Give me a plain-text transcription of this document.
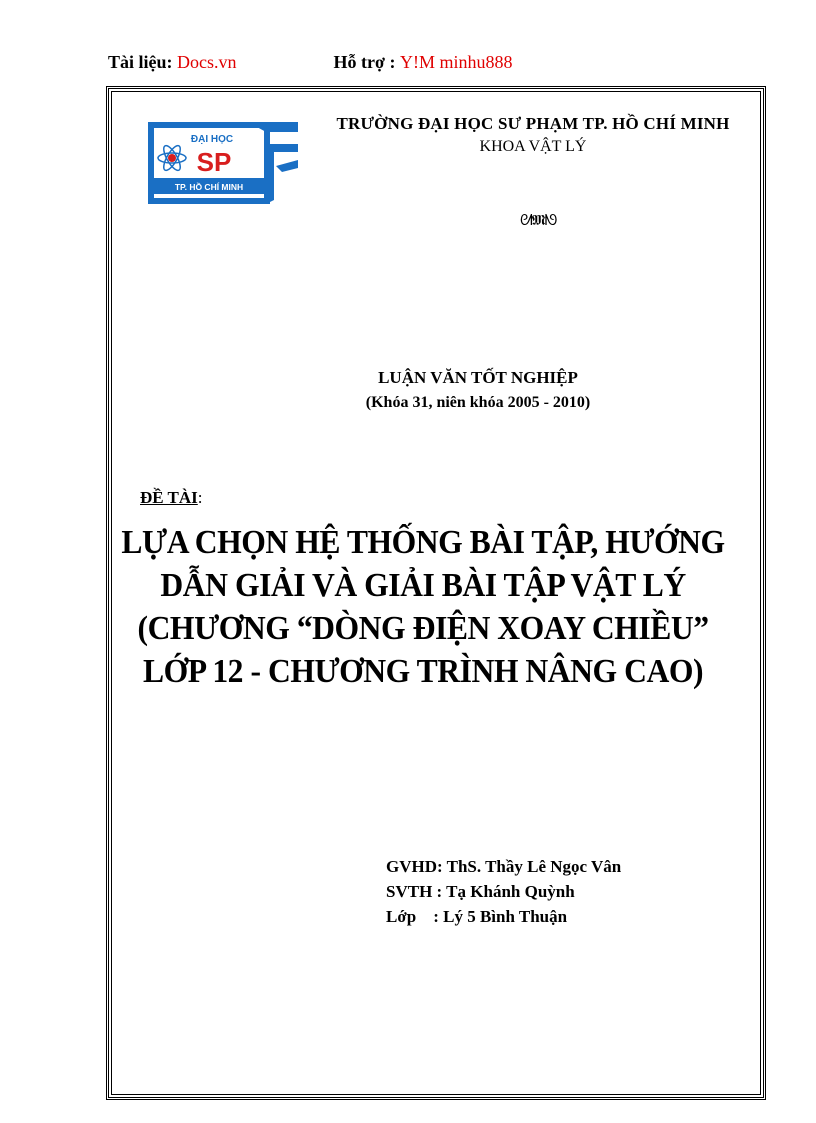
Tài liệu: Docs.vn	Hỗ trợ : Y!M minhu888
ĐẠI HỌC
SP
TP. HỒ CHÍ MINH
TRƯỜNG ĐẠI HỌC SƯ PHẠM TP. HỒ CHÍ MINH
KHOA VẬT LÝ
ᘛ𝕸ᘚ
LUẬN VĂN TỐT NGHIỆP
(Khóa 31, niên khóa 2005 - 2010)
ĐỀ TÀI:
LỰA CHỌN HỆ THỐNG BÀI TẬP, HƯỚNG
DẪN GIẢI VÀ GIẢI BÀI TẬP VẬT LÝ
(CHƯƠNG “DÒNG ĐIỆN XOAY CHIỀU”
LỚP 12 - CHƯƠNG TRÌNH NÂNG CAO)
GVHD: ThS. Thầy Lê Ngọc Vân
SVTH : Tạ Khánh Quỳnh
Lớp    : Lý 5 Bình Thuận
